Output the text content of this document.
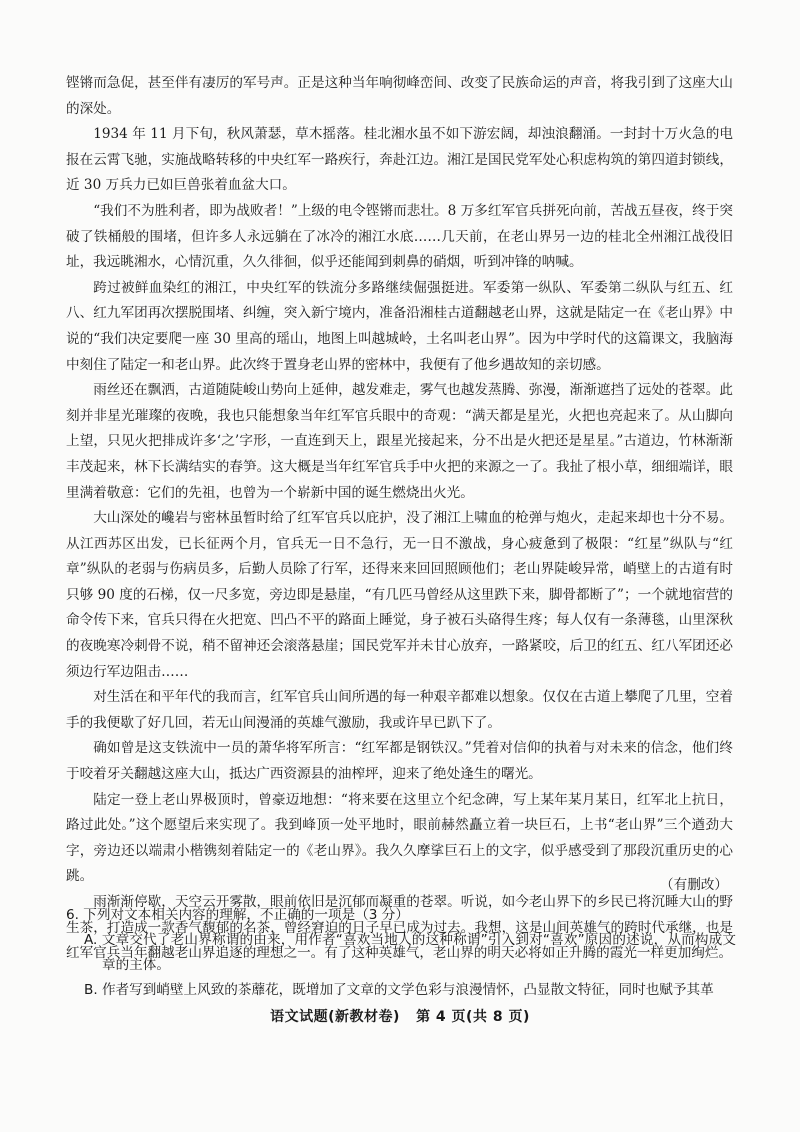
铿锵而急促，甚至伴有凄厉的军号声。正是这种当年响彻峰峦间、改变了民族命运的声音，将我引到了这座大山的深处。

1934 年 11 月下旬，秋风萧瑟，草木摇落。桂北湘水虽不如下游宏阔，却浊浪翻涌。一封封十万火急的电报在云霄飞驰，实施战略转移的中央红军一路疾行，奔赴江边。湘江是国民党军处心积虑构筑的第四道封锁线，近 30 万兵力已如巨兽张着血盆大口。

“我们不为胜利者，即为战败者！”上级的电令铿锵而悲壮。8 万多红军官兵拼死向前，苦战五昼夜，终于突破了铁桶般的围堵，但许多人永远躺在了冰冷的湘江水底……几天前，在老山界另一边的桂北全州湘江战役旧址，我远眺湘水，心情沉重，久久徘徊，似乎还能闻到刺鼻的硝烟，听到冲锋的呐喊。

跨过被鲜血染红的湘江，中央红军的铁流分多路继续倔强挺进。军委第一纵队、军委第二纵队与红五、红八、红九军团再次摆脱围堵、纠缠，突入新宁境内，准备沿湘桂古道翻越老山界，这就是陆定一在《老山界》中说的“我们决定要爬一座 30 里高的瑶山，地图上叫越城岭，土名叫老山界”。因为中学时代的这篇课文，我脑海中刻住了陆定一和老山界。此次终于置身老山界的密林中，我便有了他乡遇故知的亲切感。

雨丝还在飘洒，古道随陡峻山势向上延伸，越发难走，雾气也越发蒸腾、弥漫，渐渐遮挡了远处的苍翠。此刻并非星光璀璨的夜晚，我也只能想象当年红军官兵眼中的奇观：“满天都是星光，火把也亮起来了。从山脚向上望，只见火把排成许多‘之’字形，一直连到天上，跟星光接起来，分不出是火把还是星星。”古道边，竹林渐渐丰茂起来，林下长满结实的春笋。这大概是当年红军官兵手中火把的来源之一了。我扯了根小草，细细端详，眼里满着敬意：它们的先祖，也曾为一个崭新中国的诞生燃烧出火光。

大山深处的巉岩与密林虽暂时给了红军官兵以庇护，没了湘江上啸血的枪弹与炮火，走起来却也十分不易。从江西苏区出发，已长征两个月，官兵无一日不急行，无一日不激战，身心疲惫到了极限：“红星”纵队与“红章”纵队的老弱与伤病员多，后勤人员除了行军，还得来来回回照顾他们；老山界陡峻异常，峭壁上的古道有时只够 90 度的石梯，仅一尺多宽，旁边即是悬崖，“有几匹马曾经从这里跌下来，脚骨都断了”；一个就地宿营的命令传下来，官兵只得在火把宽、凹凸不平的路面上睡觉，身子被石头硌得生疼；每人仅有一条薄毯，山里深秋的夜晚寒冷刺骨不说，稍不留神还会滚落悬崖；国民党军并未甘心放弃，一路紧咬，后卫的红五、红八军团还必须边行军边阻击……

对生活在和平年代的我而言，红军官兵山间所遇的每一种艰辛都难以想象。仅仅在古道上攀爬了几里，空着手的我便歇了好几回，若无山间漫涌的英雄气激励，我或许早已趴下了。

确如曾是这支铁流中一员的萧华将军所言：“红军都是钢铁汉。”凭着对信仰的执着与对未来的信念，他们终于咬着牙关翻越这座大山，抵达广西资源县的油榨坪，迎来了绝处逢生的曙光。

陆定一登上老山界极顶时，曾豪迈地想：“将来要在这里立个纪念碑，写上某年某月某日，红军北上抗日，路过此处。”这个愿望后来实现了。我到峰顶一处平地时，眼前赫然矗立着一块巨石，上书“老山界”三个遒劲大字，旁边还以端肃小楷镌刻着陆定一的《老山界》。我久久摩挲巨石上的文字，似乎感受到了那段沉重历史的心跳。

雨渐渐停歇，天空云开雾散，眼前依旧是沉郁而凝重的苍翠。听说，如今老山界下的乡民已将沉睡大山的野生茶，打造成一款香气馥郁的名茶，曾经窘迫的日子早已成为过去。我想，这是山间英雄气的跨时代承继，也是红军官兵当年翻越老山界追逐的理想之一。有了这种英雄气，老山界的明天必将如正升腾的霞光一样更加绚烂。

（有删改）

6. 下列对文本相关内容的理解，不正确的一项是（3 分）

A. 文章交代了老山界称谓的由来，用作者“喜欢当地人的这种称谓”引入到对“喜欢”原因的述说，从而构成文章的主体。

B. 作者写到峭壁上风致的茶蘼花，既增加了文章的文学色彩与浪漫情怀，凸显散文特征，同时也赋予其革

语文试题(新教材卷) 第 4 页(共 8 页)
